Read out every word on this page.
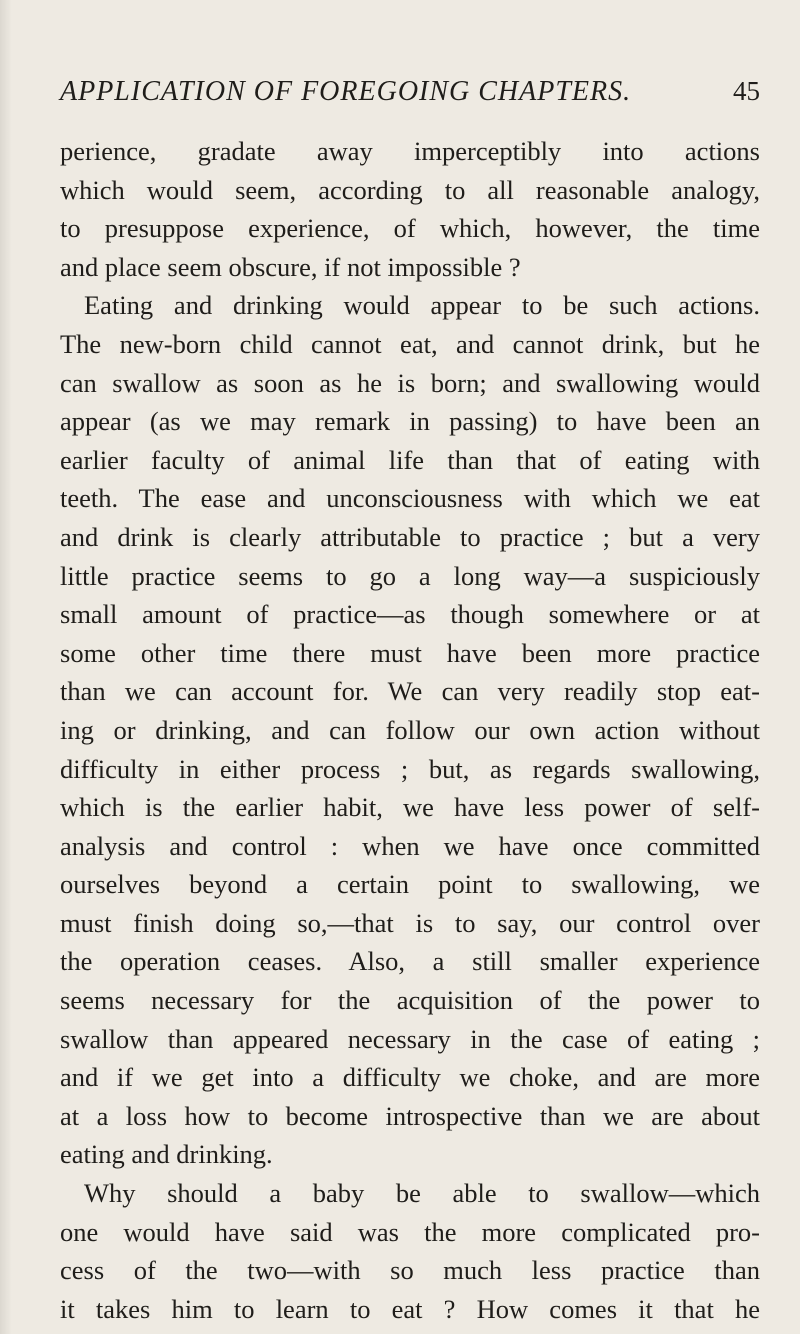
APPLICATION OF FOREGOING CHAPTERS.	45
perience, gradate away imperceptibly into actions
which would seem, according to all reasonable analogy,
to presuppose experience, of which, however, the time
and place seem obscure, if not impossible ?
Eating and drinking would appear to be such actions.
The new-born child cannot eat, and cannot drink, but he
can swallow as soon as he is born; and swallowing would
appear (as we may remark in passing) to have been an
earlier faculty of animal life than that of eating with
teeth. The ease and unconsciousness with which we eat
and drink is clearly attributable to practice ; but a very
little practice seems to go a long way—a suspiciously
small amount of practice—as though somewhere or at
some other time there must have been more practice
than we can account for. We can very readily stop eat-
ing or drinking, and can follow our own action without
difficulty in either process ; but, as regards swallowing,
which is the earlier habit, we have less power of self-
analysis and control : when we have once committed
ourselves beyond a certain point to swallowing, we
must finish doing so,—that is to say, our control over
the operation ceases. Also, a still smaller experience
seems necessary for the acquisition of the power to
swallow than appeared necessary in the case of eating ;
and if we get into a difficulty we choke, and are more
at a loss how to become introspective than we are about
eating and drinking.
Why should a baby be able to swallow—which
one would have said was the more complicated pro-
cess of the two—with so much less practice than
it takes him to learn to eat ? How comes it that he
